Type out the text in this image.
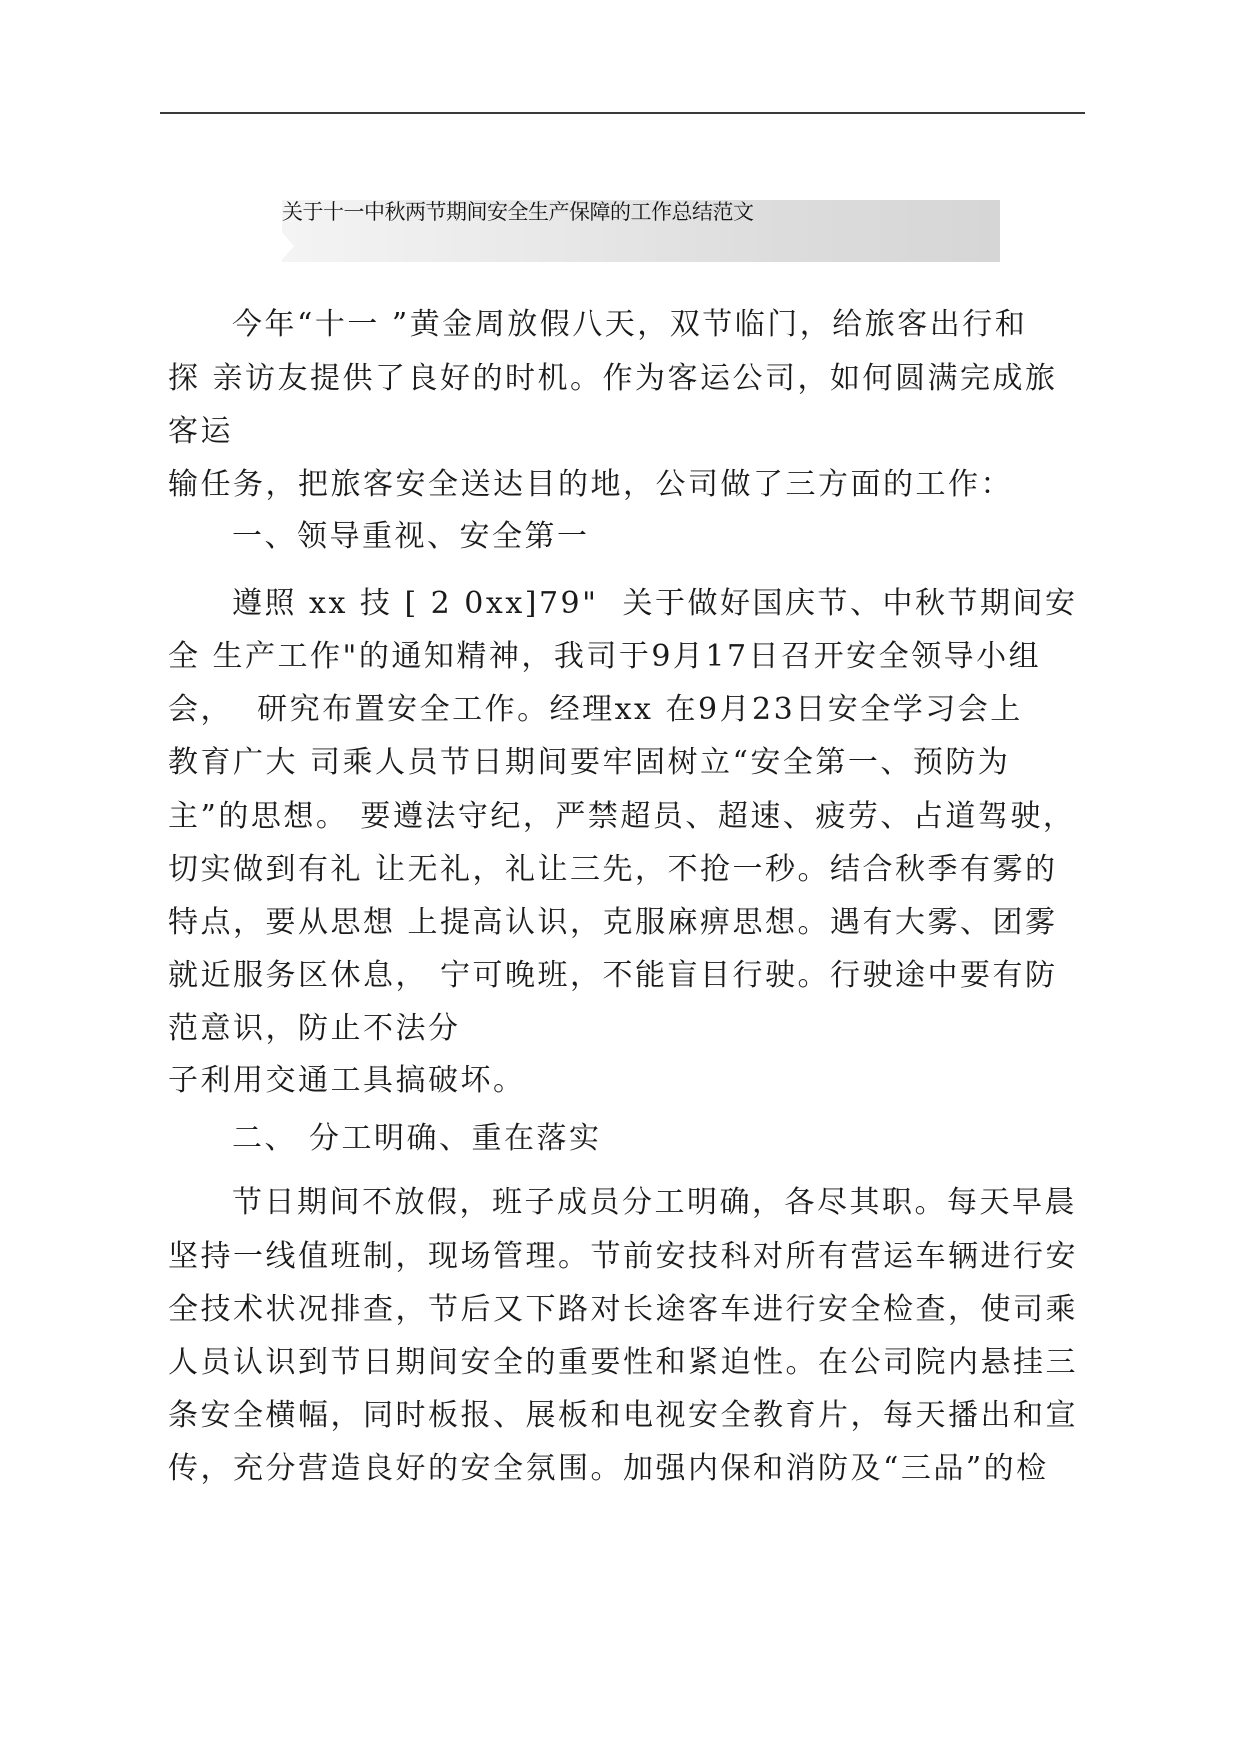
关于十一中秋两节期间安全生产保障的工作总结范文

今年“十一 ”黄金周放假八天，双节临门，给旅客出行和

探 亲访友提供了良好的时机。作为客运公司，如何圆满完成旅

客运

输任务，把旅客安全送达目的地，公司做了三方面的工作：

一、领导重视、安全第一

遵照 xx 技 [ 2 0xx]79"  关于做好国庆节、中秋节期间安

全 生产工作"的通知精神，我司于9月17日召开安全领导小组

会，  研究布置安全工作。经理xx 在9月23日安全学习会上

教育广大 司乘人员节日期间要牢固树立“安全第一、预防为

主”的思想。 要遵法守纪，严禁超员、超速、疲劳、占道驾驶，

切实做到有礼 让无礼，礼让三先，不抢一秒。结合秋季有雾的

特点，要从思想 上提高认识，克服麻痹思想。遇有大雾、团雾

就近服务区休息， 宁可晚班，不能盲目行驶。行驶途中要有防

范意识，防止不法分

子利用交通工具搞破坏。

二、 分工明确、重在落实

节日期间不放假，班子成员分工明确，各尽其职。每天早晨

坚持一线值班制，现场管理。节前安技科对所有营运车辆进行安

全技术状况排查，节后又下路对长途客车进行安全检查，使司乘

人员认识到节日期间安全的重要性和紧迫性。在公司院内悬挂三

条安全横幅，同时板报、展板和电视安全教育片，每天播出和宣

传，充分营造良好的安全氛围。加强内保和消防及“三品”的检
